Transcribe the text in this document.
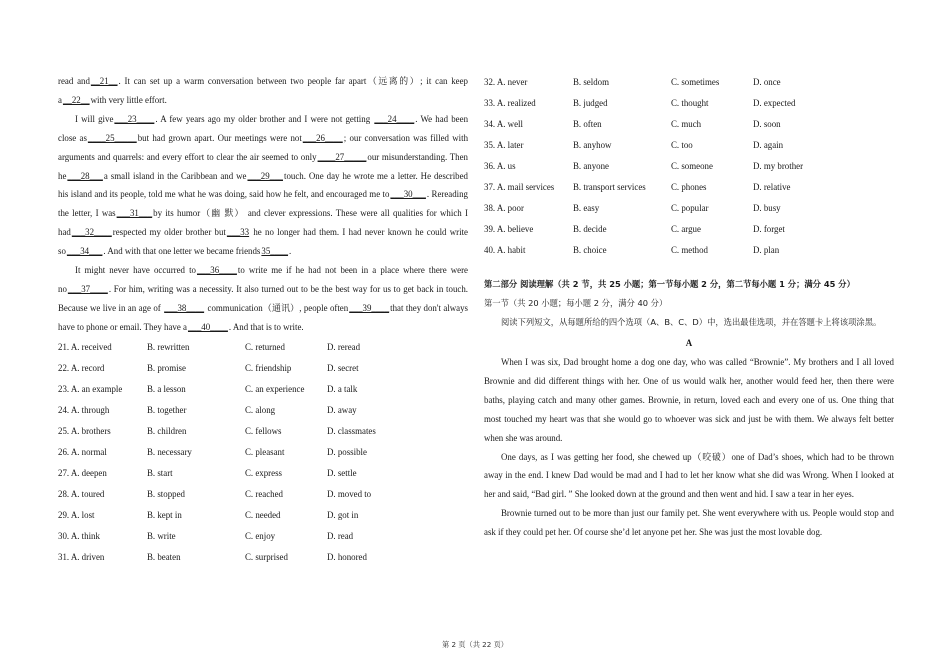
read and__21__. It can set up a warm conversation between two people far apart（远离的）; it can keep a__22__with very little effort.

I will give___23____. A few years ago my older brother and I were not getting ___24____. We had been close as____25_____but had grown apart. Our meetings were not___26____; our conversation was filled with arguments and quarrels: and every effort to clear the air seemed to only____27_____our misunderstanding. Then he___28___a small island in the Caribbean and we___29___touch. One day he wrote me a letter. He described his island and its people, told me what he was doing, said how he felt, and encouraged me to___30___. Rereading the letter, I was___31___by its humor（幽 默） and clever expressions. These were all qualities for which I had___32____respected my older brother but___33 he no longer had them. I had never known he could write so___34___. And with that one letter we became friends35____.

It might never have occurred to___36____to write me if he had not been in a place where there were no___37____. For him, writing was a necessity. It also turned out to be the best way for us to get back in touch. Because we live in an age of ___38____ communication（通讯）, people often___39____that they don't always have to phone or email. They have a___40____. And that is to write.

21. A. received	B. rewritten	C. returned	D. reread
22. A. record	B. promise	C. friendship	D. secret
23. A. an example	B. a lesson	C. an experience	D. a talk
24. A. through	B. together	C. along	D. away
25. A. brothers	B. children	C. fellows	D. classmates
26. A. normal	B. necessary	C. pleasant	D. possible
27. A. deepen	B. start	C. express	D. settle
28. A. toured	B. stopped	C. reached	D. moved to
29. A. lost	B. kept in	C. needed	D. got in
30. A. think	B. write	C. enjoy	D. read
31. A. driven	B. beaten	C. surprised	D. honored
32. A. never	B. seldom	C. sometimes	D. once
33. A. realized	B. judged	C. thought	D. expected
34. A. well	B. often	C. much	D. soon
35. A. later	B. anyhow	C. too	D. again
36. A. us	B. anyone	C. someone	D. my brother
37. A. mail services	B. transport services	C. phones	D. relative
38. A. poor	B. easy	C. popular	D. busy
39. A. believe	B. decide	C. argue	D. forget
40. A. habit	B. choice	C. method	D. plan

第二部分 阅读理解（共 2 节，共 25 小题；第一节每小题 2 分，第二节每小题 1 分；满分 45 分）

第一节（共 20 小题；每小题 2 分，满分 40 分）

阅读下列短文，从每题所给的四个选项（A、B、C、D）中，选出最佳选项，并在答题卡上将该项涂黑。

A

When I was six, Dad brought home a dog one day, who was called “Brownie”. My brothers and I all loved Brownie and did different things with her. One of us would walk her, another would feed her, then there were baths, playing catch and many other games. Brownie, in return, loved each and every one of us. One thing that most touched my heart was that she would go to whoever was sick and just be with them. We always felt better when she was around.

One days, as I was getting her food, she chewed up（咬破）one of Dad’s shoes, which had to be thrown away in the end. I knew Dad would be mad and I had to let her know what she did was Wrong. When I looked at her and said, “Bad girl. ” She looked down at the ground and then went and hid. I saw a tear in her eyes.

Brownie turned out to be more than just our family pet. She went everywhere with us. People would stop and ask if they could pet her. Of course she’d let anyone pet her. She was just the most lovable dog.

第 2 页（共 22 页）
